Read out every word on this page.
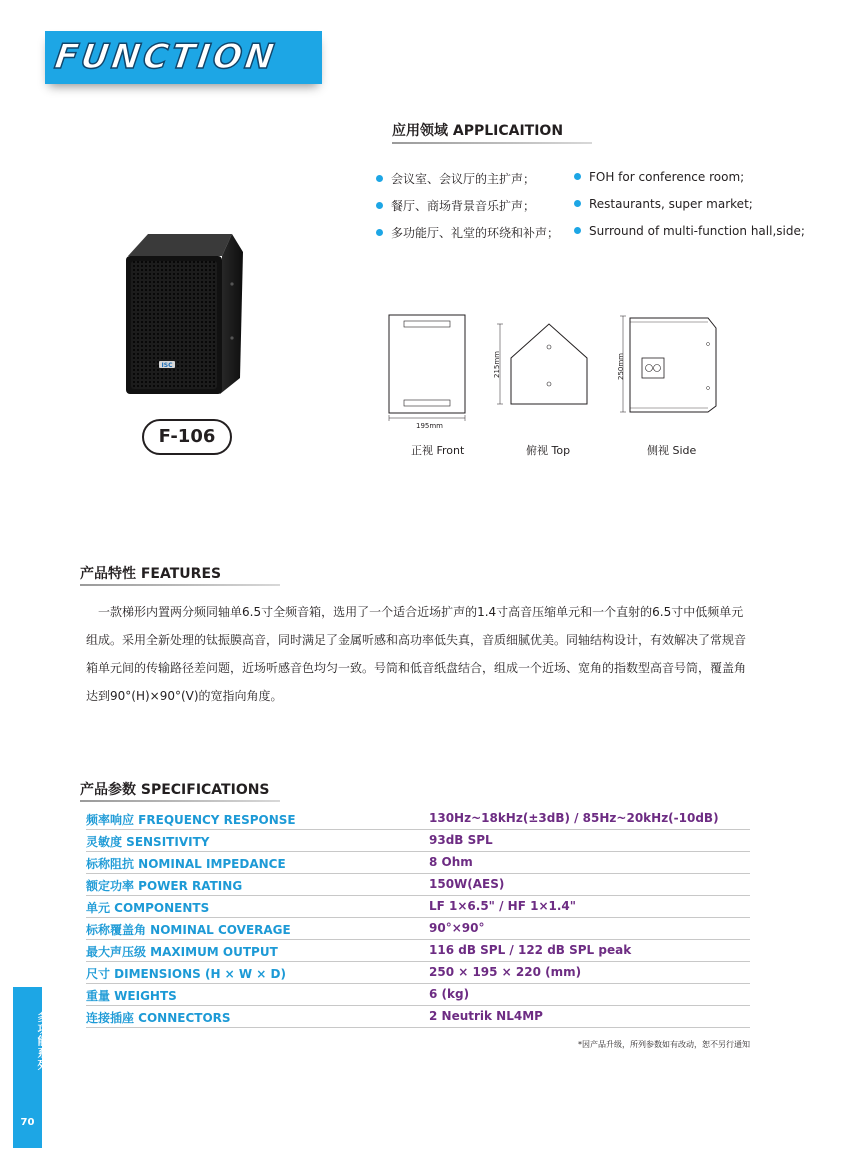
FUNCTION
应用领域 APPLICAITION
会议室、会议厅的主扩声；
餐厅、商场背景音乐扩声；
多功能厅、礼堂的环绕和补声；
FOH for conference room;
Restaurants, super market;
Surround of multi-function hall,side;
ISC
F-106	195mm
正视 Front
215mm
俯视 Top
250mm
侧视 Side
产品特性 FEATURES

一款梯形内置两分频同轴单6.5寸全频音箱，选用了一个适合近场扩声的1.4寸高音压缩单元和一个直射的6.5寸中低频单元组成。采用全新处理的钛振膜高音，同时满足了金属听感和高功率低失真，音质细腻优美。同轴结构设计，有效解决了常规音箱单元间的传输路径差问题，近场听感音色均匀一致。号筒和低音纸盘结合，组成一个近场、宽角的指数型高音号筒，覆盖角达到90°(H)×90°(V)的宽指向角度。

产品参数 SPECIFICATIONS
频率响应 FREQUENCY RESPONSE	130Hz~18kHz(±3dB) / 85Hz~20kHz(-10dB)
灵敏度 SENSITIVITY	93dB SPL
标称阻抗 NOMINAL IMPEDANCE	8 Ohm
额定功率 POWER RATING	150W(AES)
单元 COMPONENTS	LF 1×6.5" / HF 1×1.4"
标称覆盖角 NOMINAL COVERAGE	90°×90°
最大声压级 MAXIMUM OUTPUT	116 dB SPL / 122 dB SPL peak
尺寸 DIMENSIONS (H × W × D)	250 × 195 × 220 (mm)
重量 WEIGHTS	6 (kg)
连接插座 CONNECTORS	2 Neutrik NL4MP
*因产品升级，所列参数如有改动，恕不另行通知
多功能系列
70
